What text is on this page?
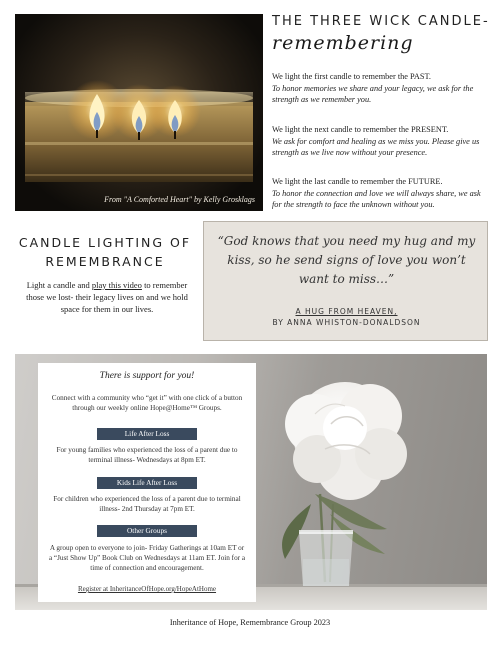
From "A Comforted Heart" by Kelly Grosklags
THE THREE WICK CANDLE-
remembering
We light the first candle to remember the PAST.
To honor memories we share and your legacy, we ask for the strength as we remember you.
We light the next candle to remember the PRESENT.
We ask for comfort and healing as we miss you. Please give us strength as we live now without your presence.
We light the last candle to remember the FUTURE.
To honor the connection and love we will always share, we ask for the strength to face the unknown without you.
CANDLE LIGHTING OF
REMEMBRANCE
Light a candle and play this video to remember those we lost- their legacy lives on and we hold space for them in our lives.
“God knows that you need my hug and my kiss, so he send signs of love you won’t want to miss…”
A HUG FROM HEAVEN,
BY ANNA WHISTON-DONALDSON
There is support for you!
Connect with a community who “get it” with one click of a button through our weekly online Hope@Home™ Groups.
Life After Loss
For young families who experienced the loss of a parent due to terminal illness- Wednesdays at 8pm ET.
Kids Life After Loss
For children who experienced the loss of a parent due to terminal illness- 2nd Thursday at 7pm ET.
Other Groups
A group open to everyone to join- Friday Gatherings at 10am ET or a “Just Show Up” Book Club on Wednesdays at 11am ET. Join for a time of connection and encouragement.
Register at InheritanceOfHope.org/HopeAtHome
Inheritance of Hope, Remembrance Group 2023
